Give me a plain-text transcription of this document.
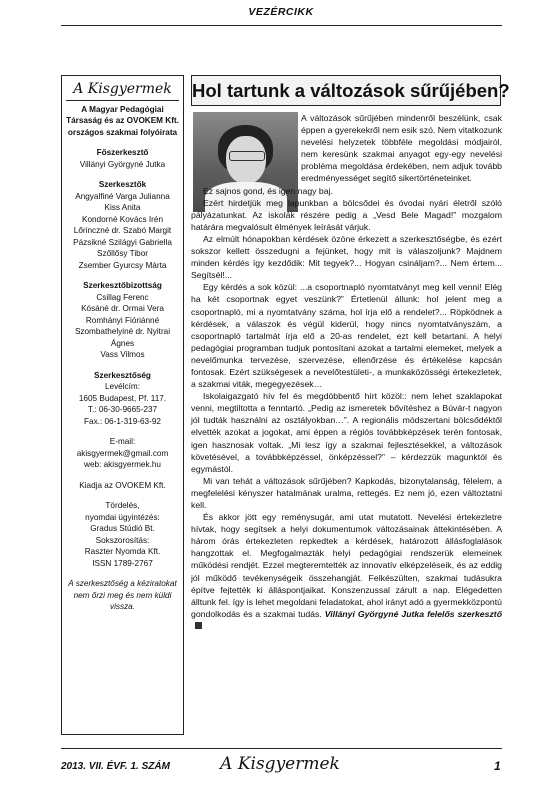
VEZÉRCIKK
A Kisgyermek
A Magyar Pedagógiai Társaság és az OVOKEM Kft. országos szakmai folyóirata
Főszerkesztő
Villányi Györgyné Jutka
Szerkesztők
Angyalfiné Varga Julianna
Kiss Anita
Kondorné Kovács Irén
Lőrinczné dr. Szabó Margit
Pázsikné Szilágyi Gabriella
Szőllősy Tibor
Zsember Gyurcsy Márta
Szerkesztőbizottság
Csillag Ferenc
Kósáné dr. Ormai Vera
Romhányi Fióriánné
Szombathelyiné dr. Nyitrai Ágnes
Vass Vilmos
Szerkesztőség
Levélcím:
1605 Budapest, Pf. 117.
T.: 06-30-9665-237
Fax.: 06-1-319-63-92
E-mail: akisgyermek@gmail.com
web: akisgyermek.hu
Kiadja az OVOKEM Kft.
Tördelés,
nyomdai ügyintézés:
Gradus Stúdió Bt.
Sokszorosítás:
Raszter Nyomda Kft.
ISSN 1789-2767
A szerkesztőség a kéziratokat nem őrzi meg és nem küldi vissza.
Hol tartunk a változások sűrűjében?

A változások sűrűjében mindenről beszélünk, csak éppen a gyerekekről nem esik szó. Nem vitatkozunk nevelési helyzetek többféle megoldási módjairól, nem keresünk szakmai anyagot egy-egy nevelési probléma megoldása érdekében, nem adjuk tovább eredményességet segítő sikertörténeteinket.

Ez sajnos gond, és igen nagy baj.

Ezért hirdetjük meg lapunkban a bölcsődei és óvodai nyári életről szóló pályázatunkat. Az iskolák részére pedig a „Vesd Bele Magad!” mozgalom határára megvalósult élmények leírását várjuk.

Az elmúlt hónapokban kérdések özöne érkezett a szerkesztőségbe, és ezért sokszor kellett összedugni a fejünket, hogy mit is válaszoljunk? Majdnem minden kérdés így kezdődik: Mit tegyek?... Hogyan csináljam?... Nem értem... Segítsél!...

Egy kérdés a sok közül: ...a csoportnapló nyomtatványt meg kell venni! Elég ha két csoportnak egyet veszünk?” Értetlenül állunk: hol jelent meg a csoportnapló, mi a nyomtatvány száma, hol írja elő a rendelet?... Röpködnek a kérdések, a válaszok és végül kiderül, hogy nincs nyomtatványszám, a csoportnapló tartalmát írja elő a 20-as rendelet, ezt kell betartani. A helyi pedagógiai programban tudjuk pontosítani azokat a tartalmi elemeket, melyek a nevelőmunka tervezése, szervezése, ellenőrzése és értékelése kapcsán fontosak. Ezért szükségesek a nevelőtestületi-, a munkaközösségi értekezletek, a szakmai viták, megegyezések…

Iskolaigazgató hív fel és megdöbbentő hírt közöl:: nem lehet szaklapokat venni, megtiltotta a fenntartó. „Pedig az ismeretek bővítéshez a Búvár-t nagyon jól tudták használni az osztályokban…”. A regionális módszertani bölcsődéktől elvették azokat a jogokat, ami éppen a régiós továbbképzések terén fontosak, igen hasznosak voltak. „Mi lesz így a szakmai fejlesztésekkel, a változások követésével, a továbbképzéssel, önképzéssel?” – kérdezzük magunktól és egymástól.

Mi van tehát a változások sűrűjében? Kapkodás, bizonytalanság, félelem, a megfelelési kényszer hatalmának uralma, rettegés. Ez nem jó, ezen változtatni kell.

És akkor jött egy reménysugár, ami utat mutatott. Nevelési értekezletre hívtak, hogy segítsek a helyi dokumentumok változásainak áttekintésében. A három órás értekezleten repkedtek a kérdések, határozott állásfoglalások hangzottak el. Megfogalmazták helyi pedagógiai rendszerük elemeinek működési rendjét. Ezzel megteremtették az innovatív elképzeléseik, és az eddig jól működő tevékenységeik összehangját. Felkészülten, szakmai tudásukra építve fejtették ki álláspontjaikat. Konszenzussal zárult a nap. Elégedetten álltunk fel. így is lehet megoldani feladatokat, ahol irányt adó a gyermekközpontú gondolkodás és a szakmai tudás. Villányi Györgyné Jutka felelős szerkesztő

2013. VII. ÉVF. 1. SZÁM	A Kisgyermek	1
